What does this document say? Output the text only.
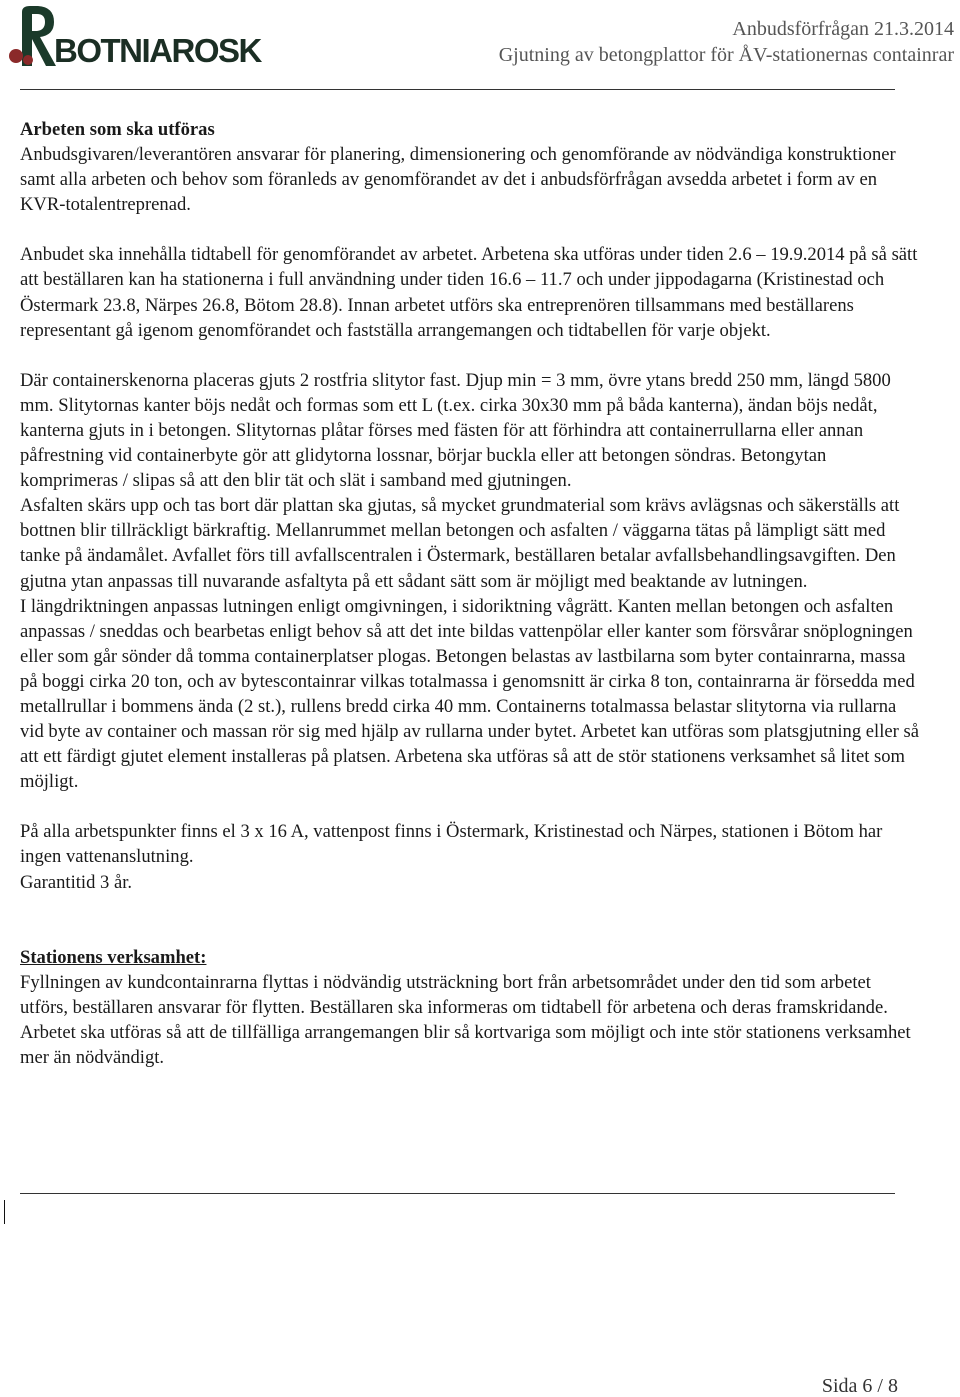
BOTNIAROSK
Anbudsförfrågan 21.3.2014
Gjutning av betongplattor för ÅV-stationernas containrar

Arbeten som ska utföras

Anbudsgivaren/leverantören ansvarar för planering, dimensionering och genomförande av nödvändiga konstruktioner samt alla arbeten och behov som föranleds av genomförandet av det i anbudsförfrågan avsedda arbetet i form av en KVR-totalentreprenad.

Anbudet ska innehålla tidtabell för genomförandet av arbetet. Arbetena ska utföras under tiden 2.6 – 19.9.2014 på så sätt att beställaren kan ha stationerna i full användning under tiden 16.6 – 11.7 och under jippodagarna (Kristinestad och Östermark 23.8, Närpes 26.8, Bötom 28.8). Innan arbetet utförs ska entreprenören tillsammans med beställarens representant gå igenom genomförandet och fastställa arrangemangen och tidtabellen för varje objekt.

Där containerskenorna placeras gjuts 2 rostfria slitytor fast. Djup min = 3 mm, övre ytans bredd 250 mm, längd 5800 mm. Slitytornas kanter böjs nedåt och formas som ett L (t.ex. cirka 30x30 mm på båda kanterna), ändan böjs nedåt, kanterna gjuts in i betongen. Slitytornas plåtar förses med fästen för att förhindra att containerrullarna eller annan påfrestning vid containerbyte gör att glidytorna lossnar, börjar buckla eller att betongen söndras. Betongytan komprimeras / slipas så att den blir tät och slät i samband med gjutningen.

Asfalten skärs upp och tas bort där plattan ska gjutas, så mycket grundmaterial som krävs avlägsnas och säkerställs att bottnen blir tillräckligt bärkraftig. Mellanrummet mellan betongen och asfalten / väggarna tätas på lämpligt sätt med tanke på ändamålet. Avfallet förs till avfallscentralen i Östermark, beställaren betalar avfallsbehandlingsavgiften. Den gjutna ytan anpassas till nuvarande asfaltyta på ett sådant sätt som är möjligt med beaktande av lutningen.

I längdriktningen anpassas lutningen enligt omgivningen, i sidoriktning vågrätt. Kanten mellan betongen och asfalten anpassas / sneddas och bearbetas enligt behov så att det inte bildas vattenpölar eller kanter som försvårar snöplogningen eller som går sönder då tomma containerplatser plogas. Betongen belastas av lastbilarna som byter containrarna, massa på boggi cirka 20 ton, och av bytescontainrar vilkas totalmassa i genomsnitt är cirka 8 ton, containrarna är försedda med metallrullar i bommens ända (2 st.), rullens bredd cirka 40 mm. Containerns totalmassa belastar slitytorna via rullarna vid byte av container och massan rör sig med hjälp av rullarna under bytet. Arbetet kan utföras som platsgjutning eller så att ett färdigt gjutet element installeras på platsen. Arbetena ska utföras så att de stör stationens verksamhet så litet som möjligt.

På alla arbetspunkter finns el 3 x 16 A, vattenpost finns i Östermark, Kristinestad och Närpes, stationen i Bötom har ingen vattenanslutning.

Garantitid 3 år.

Stationens verksamhet:

Fyllningen av kundcontainrarna flyttas i nödvändig utsträckning bort från arbetsområdet under den tid som arbetet utförs, beställaren ansvarar för flytten. Beställaren ska informeras om tidtabell för arbetena och deras framskridande. Arbetet ska utföras så att de tillfälliga arrangemangen blir så kortvariga som möjligt och inte stör stationens verksamhet mer än nödvändigt.

Sida 6 / 8
